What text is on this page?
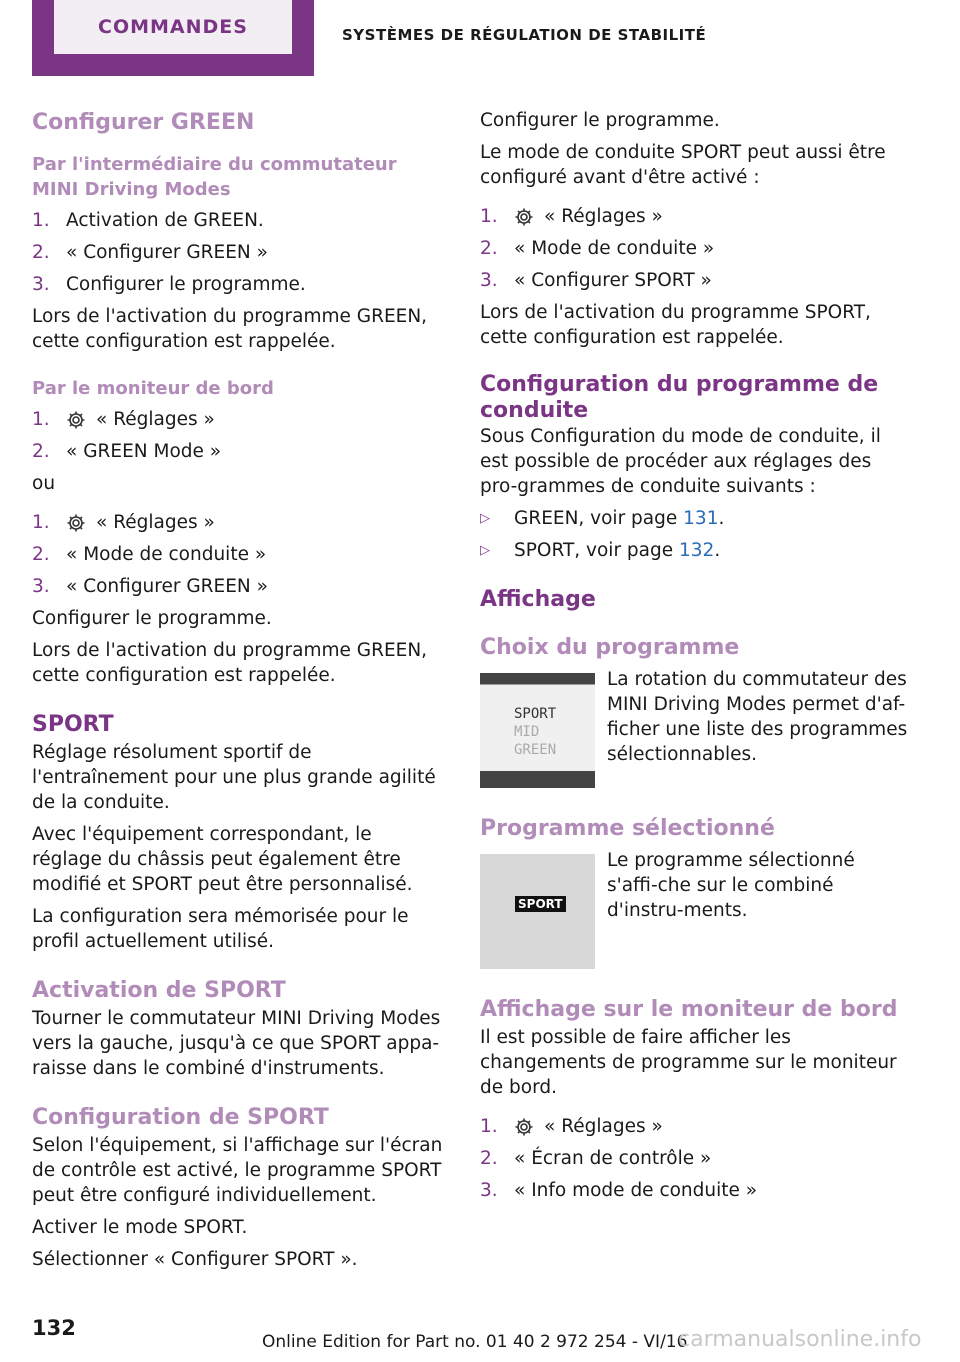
COMMANDES	SYSTÈMES DE RÉGULATION DE STABILITÉ
Configurer GREEN
Par l'intermédiaire du commutateur MINI Driving Modes
1. Activation de GREEN.
2. « Configurer GREEN »
3. Configurer le programme.

Lors de l'activation du programme GREEN, cette configuration est rappelée.

Par le moniteur de bord
1.	« Réglages »
2. « GREEN Mode »

ou

1.	« Réglages »
2. « Mode de conduite »
3. « Configurer GREEN »

Configurer le programme.

Lors de l'activation du programme GREEN, cette configuration est rappelée.

SPORT

Réglage résolument sportif de l'entraînement pour une plus grande agilité de la conduite.

Avec l'équipement correspondant, le réglage du châssis peut également être modifié et SPORT peut être personnalisé.

La configuration sera mémorisée pour le profil actuellement utilisé.

Activation de SPORT

Tourner le commutateur MINI Driving Modes vers la gauche, jusqu'à ce que SPORT appa-raisse dans le combiné d'instruments.

Configuration de SPORT

Selon l'équipement, si l'affichage sur l'écran de contrôle est activé, le programme SPORT peut être configuré individuellement.

Activer le mode SPORT.

Sélectionner « Configurer SPORT ».

Configurer le programme.

Le mode de conduite SPORT peut aussi être configuré avant d'être activé :

1.	« Réglages »
2. « Mode de conduite »
3. « Configurer SPORT »

Lors de l'activation du programme SPORT, cette configuration est rappelée.

Configuration du programme de conduite

Sous Configuration du mode de conduite, il est possible de procéder aux réglages des pro-grammes de conduite suivants :

▷	GREEN, voir page 131.
▷	SPORT, voir page 132.
Affichage
Choix du programme
SPORT
MID
GREEN
La rotation du commutateur des MINI Driving Modes permet d'af-ficher une liste des programmes sélectionnables.
Programme sélectionné
SPORT
Le programme sélectionné s'affi-che sur le combiné d'instru-ments.
Affichage sur le moniteur de bord

Il est possible de faire afficher les changements de programme sur le moniteur de bord.

1.	« Réglages »
2. « Écran de contrôle »
3. « Info mode de conduite »
132
Online Edition for Part no. 01 40 2 972 254 - VI/16
carmanualsonline.info
